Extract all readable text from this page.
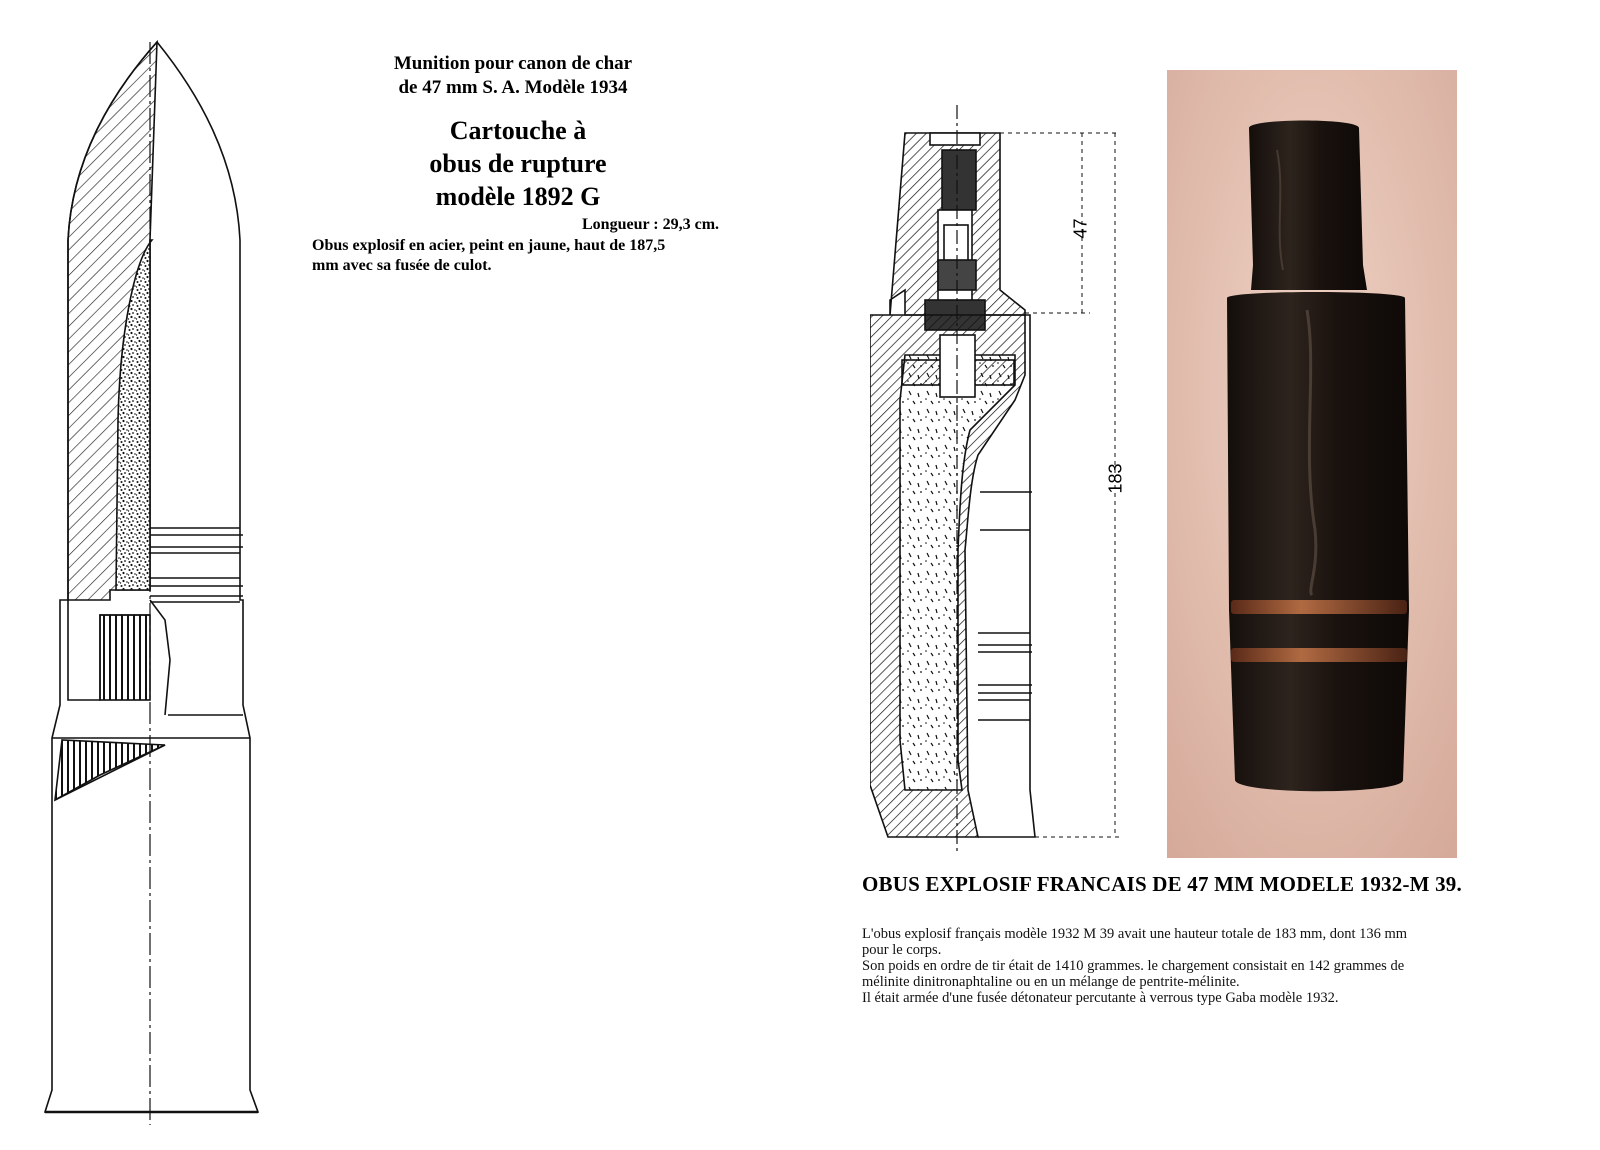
Munition pour canon de char
de 47 mm S. A. Modèle 1934
Cartouche à
obus de rupture
modèle 1892 G
Longueur : 29,3 cm.
Obus explosif en acier, peint en jaune, haut de 187,5
mm avec sa fusée de culot.
47
183
OBUS EXPLOSIF FRANCAIS DE 47 MM MODELE 1932-M 39.
L'obus explosif français modèle 1932 M 39 avait une hauteur totale de 183 mm, dont 136 mm
pour le corps.
Son poids en ordre de tir était de 1410 grammes. le chargement consistait en 142 grammes de
mélinite dinitronaphtaline ou en un mélange de pentrite-mélinite.
Il était armée d'une fusée détonateur percutante à verrous type Gaba modèle 1932.
